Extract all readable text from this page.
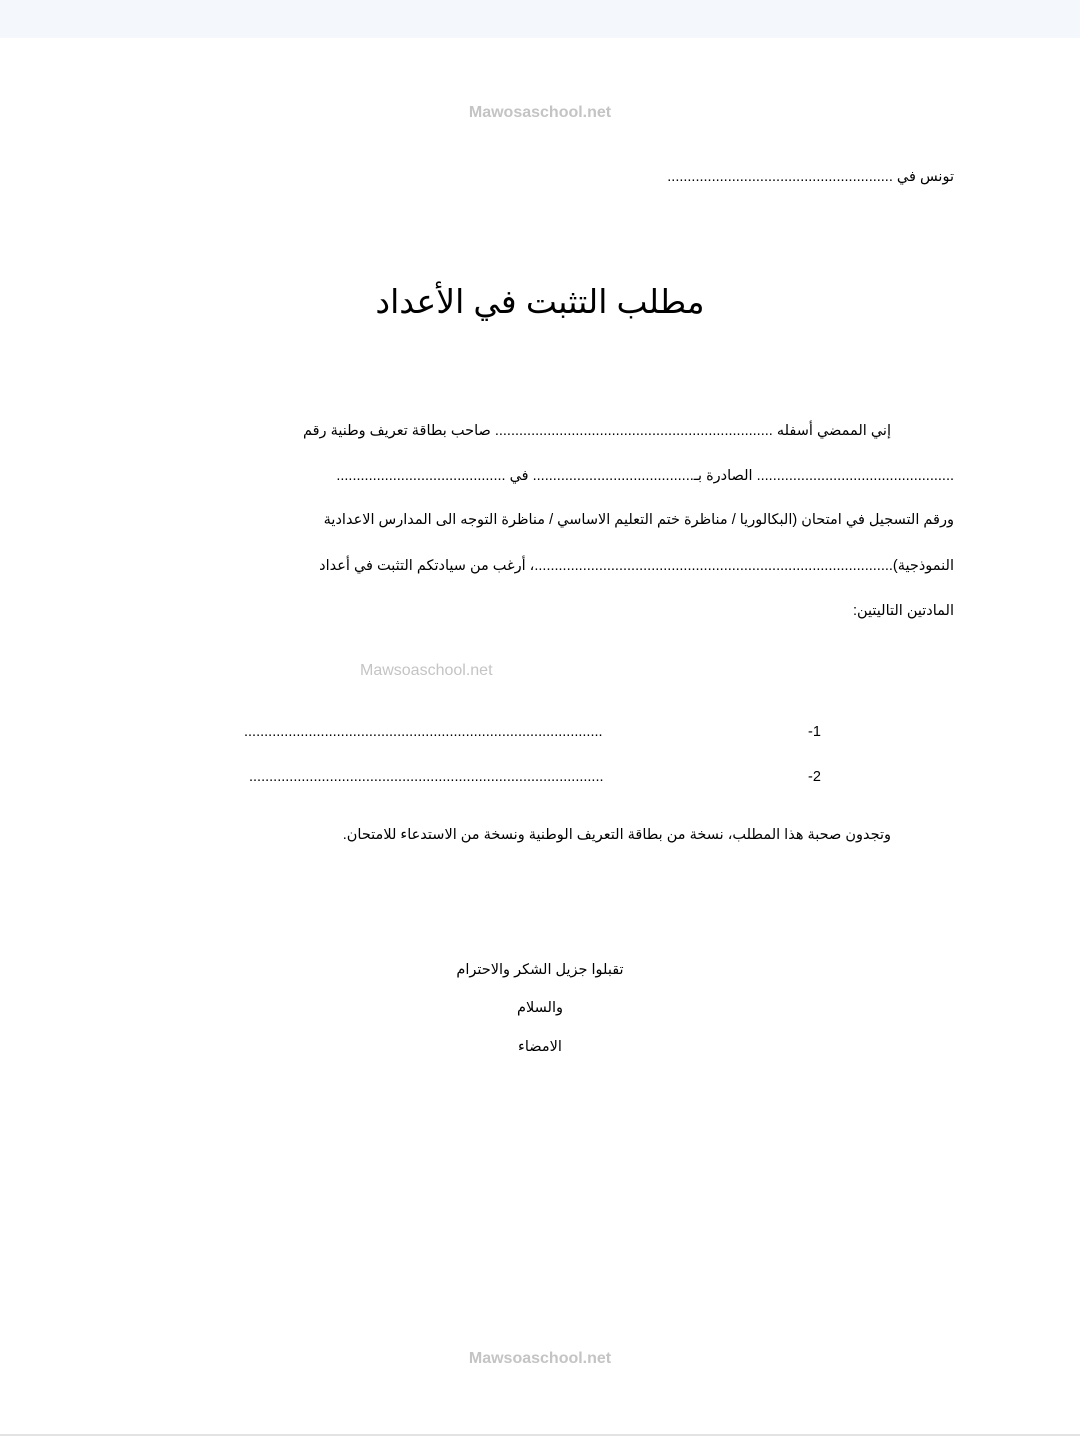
Mawosaschool.net
تونس في ........................................................
مطلب التثبت في الأعداد
إني الممضي أسفله ..................................................................... صاحب بطاقة تعريف وطنية رقم
................................................. الصادرة بـ........................................ في ..........................................
ورقم التسجيل في امتحان (البكالوريا / مناظرة ختم التعليم الاساسي / مناظرة التوجه الى المدارس الاعدادية
النموذجية).........................................................................................، أرغب من سيادتكم التثبت في أعداد
المادتين التاليتين:
Mawsoaschool.net
-1
.........................................................................................
-2
........................................................................................
وتجدون صحبة هذا المطلب، نسخة من بطاقة التعريف الوطنية ونسخة من الاستدعاء للامتحان.
تقبلوا جزيل الشكر والاحترام
والسلام
الامضاء
Mawsoaschool.net
